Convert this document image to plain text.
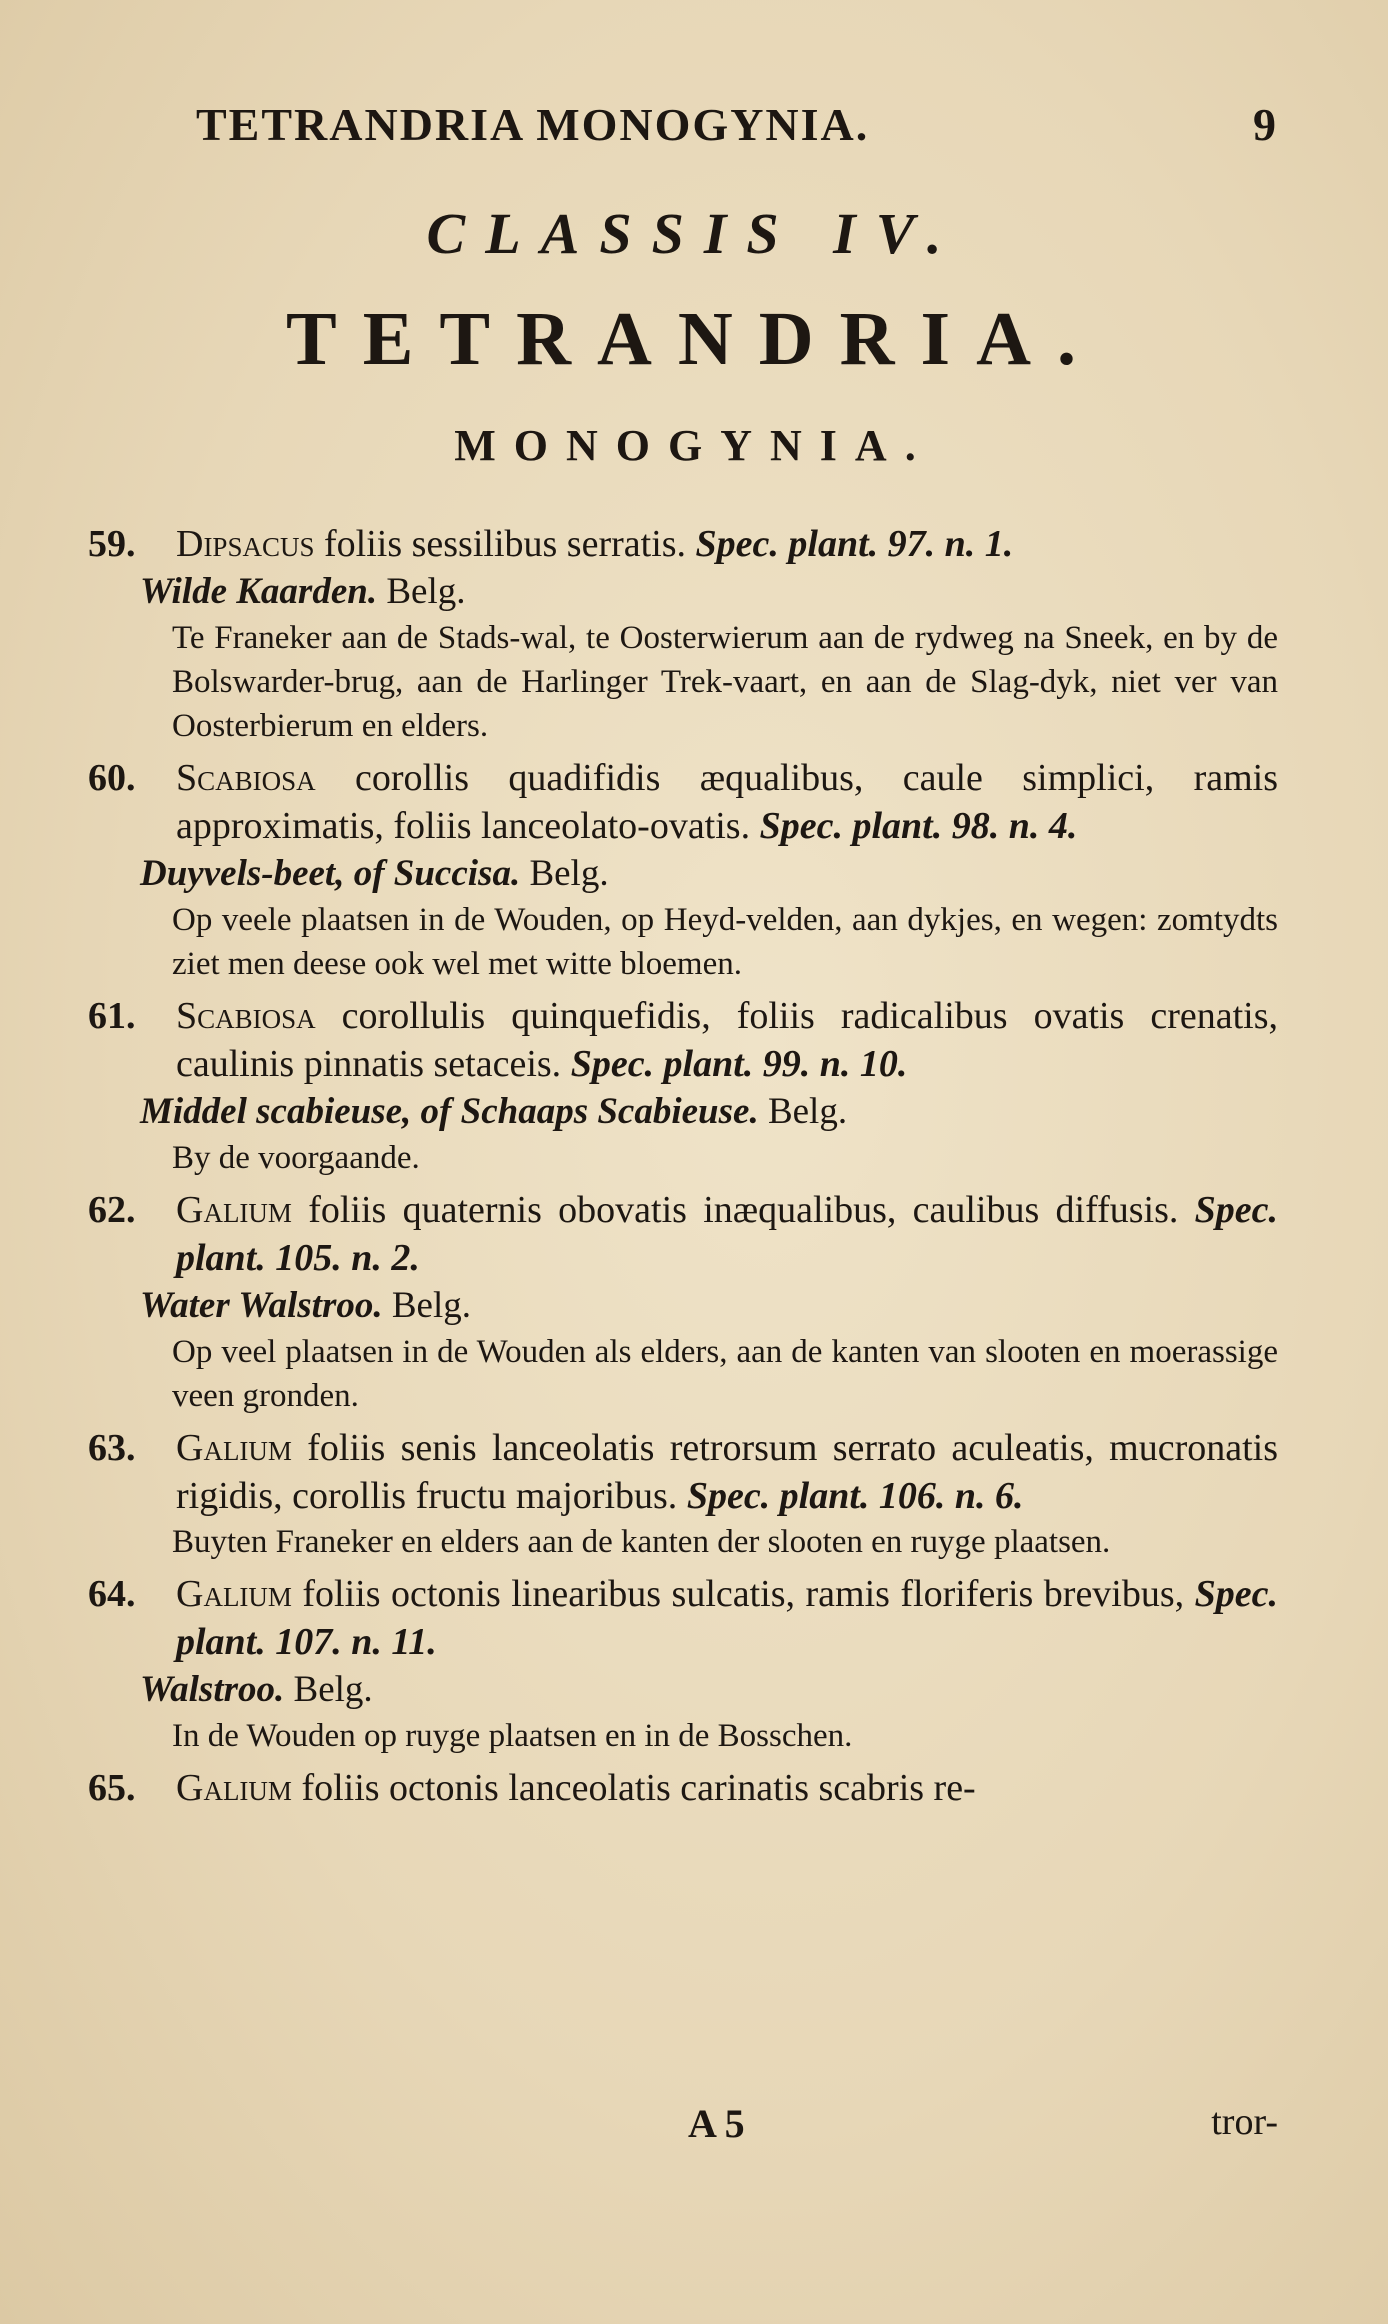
TETRANDRIA MONOGYNIA.	9
CLASSIS IV.
TETRANDRIA.
MONOGYNIA.
59. Dipsacus foliis sessilibus serratis. Spec. plant. 97. n. 1.
Wilde Kaarden. Belg.
Te Franeker aan de Stads-wal, te Oosterwierum aan de rydweg na Sneek, en by de Bolswarder-brug, aan de Harlinger Trek-vaart, en aan de Slag-dyk, niet ver van Oosterbierum en elders.
60. Scabiosa corollis quadifidis æqualibus, caule simplici, ramis approximatis, foliis lanceolato-ovatis. Spec. plant. 98. n. 4.
Duyvels-beet, of Succisa. Belg.
Op veele plaatsen in de Wouden, op Heyd-velden, aan dykjes, en wegen: zomtydts ziet men deese ook wel met witte bloemen.
61. Scabiosa corollulis quinquefidis, foliis radicalibus ovatis crenatis, caulinis pinnatis setaceis. Spec. plant. 99. n. 10.
Middel scabieuse, of Schaaps Scabieuse. Belg.
By de voorgaande.
62. Galium foliis quaternis obovatis inæqualibus, caulibus diffusis. Spec. plant. 105. n. 2.
Water Walstroo. Belg.
Op veel plaatsen in de Wouden als elders, aan de kanten van slooten en moerassige veen gronden.
63. Galium foliis senis lanceolatis retrorsum serrato aculeatis, mucronatis rigidis, corollis fructu majoribus. Spec. plant. 106. n. 6.
Buyten Franeker en elders aan de kanten der slooten en ruyge plaatsen.
64. Galium foliis octonis linearibus sulcatis, ramis floriferis brevibus, Spec. plant. 107. n. 11.
Walstroo. Belg.
In de Wouden op ruyge plaatsen en in de Bosschen.
65. Galium foliis octonis lanceolatis carinatis scabris re-
A 5	tror-
